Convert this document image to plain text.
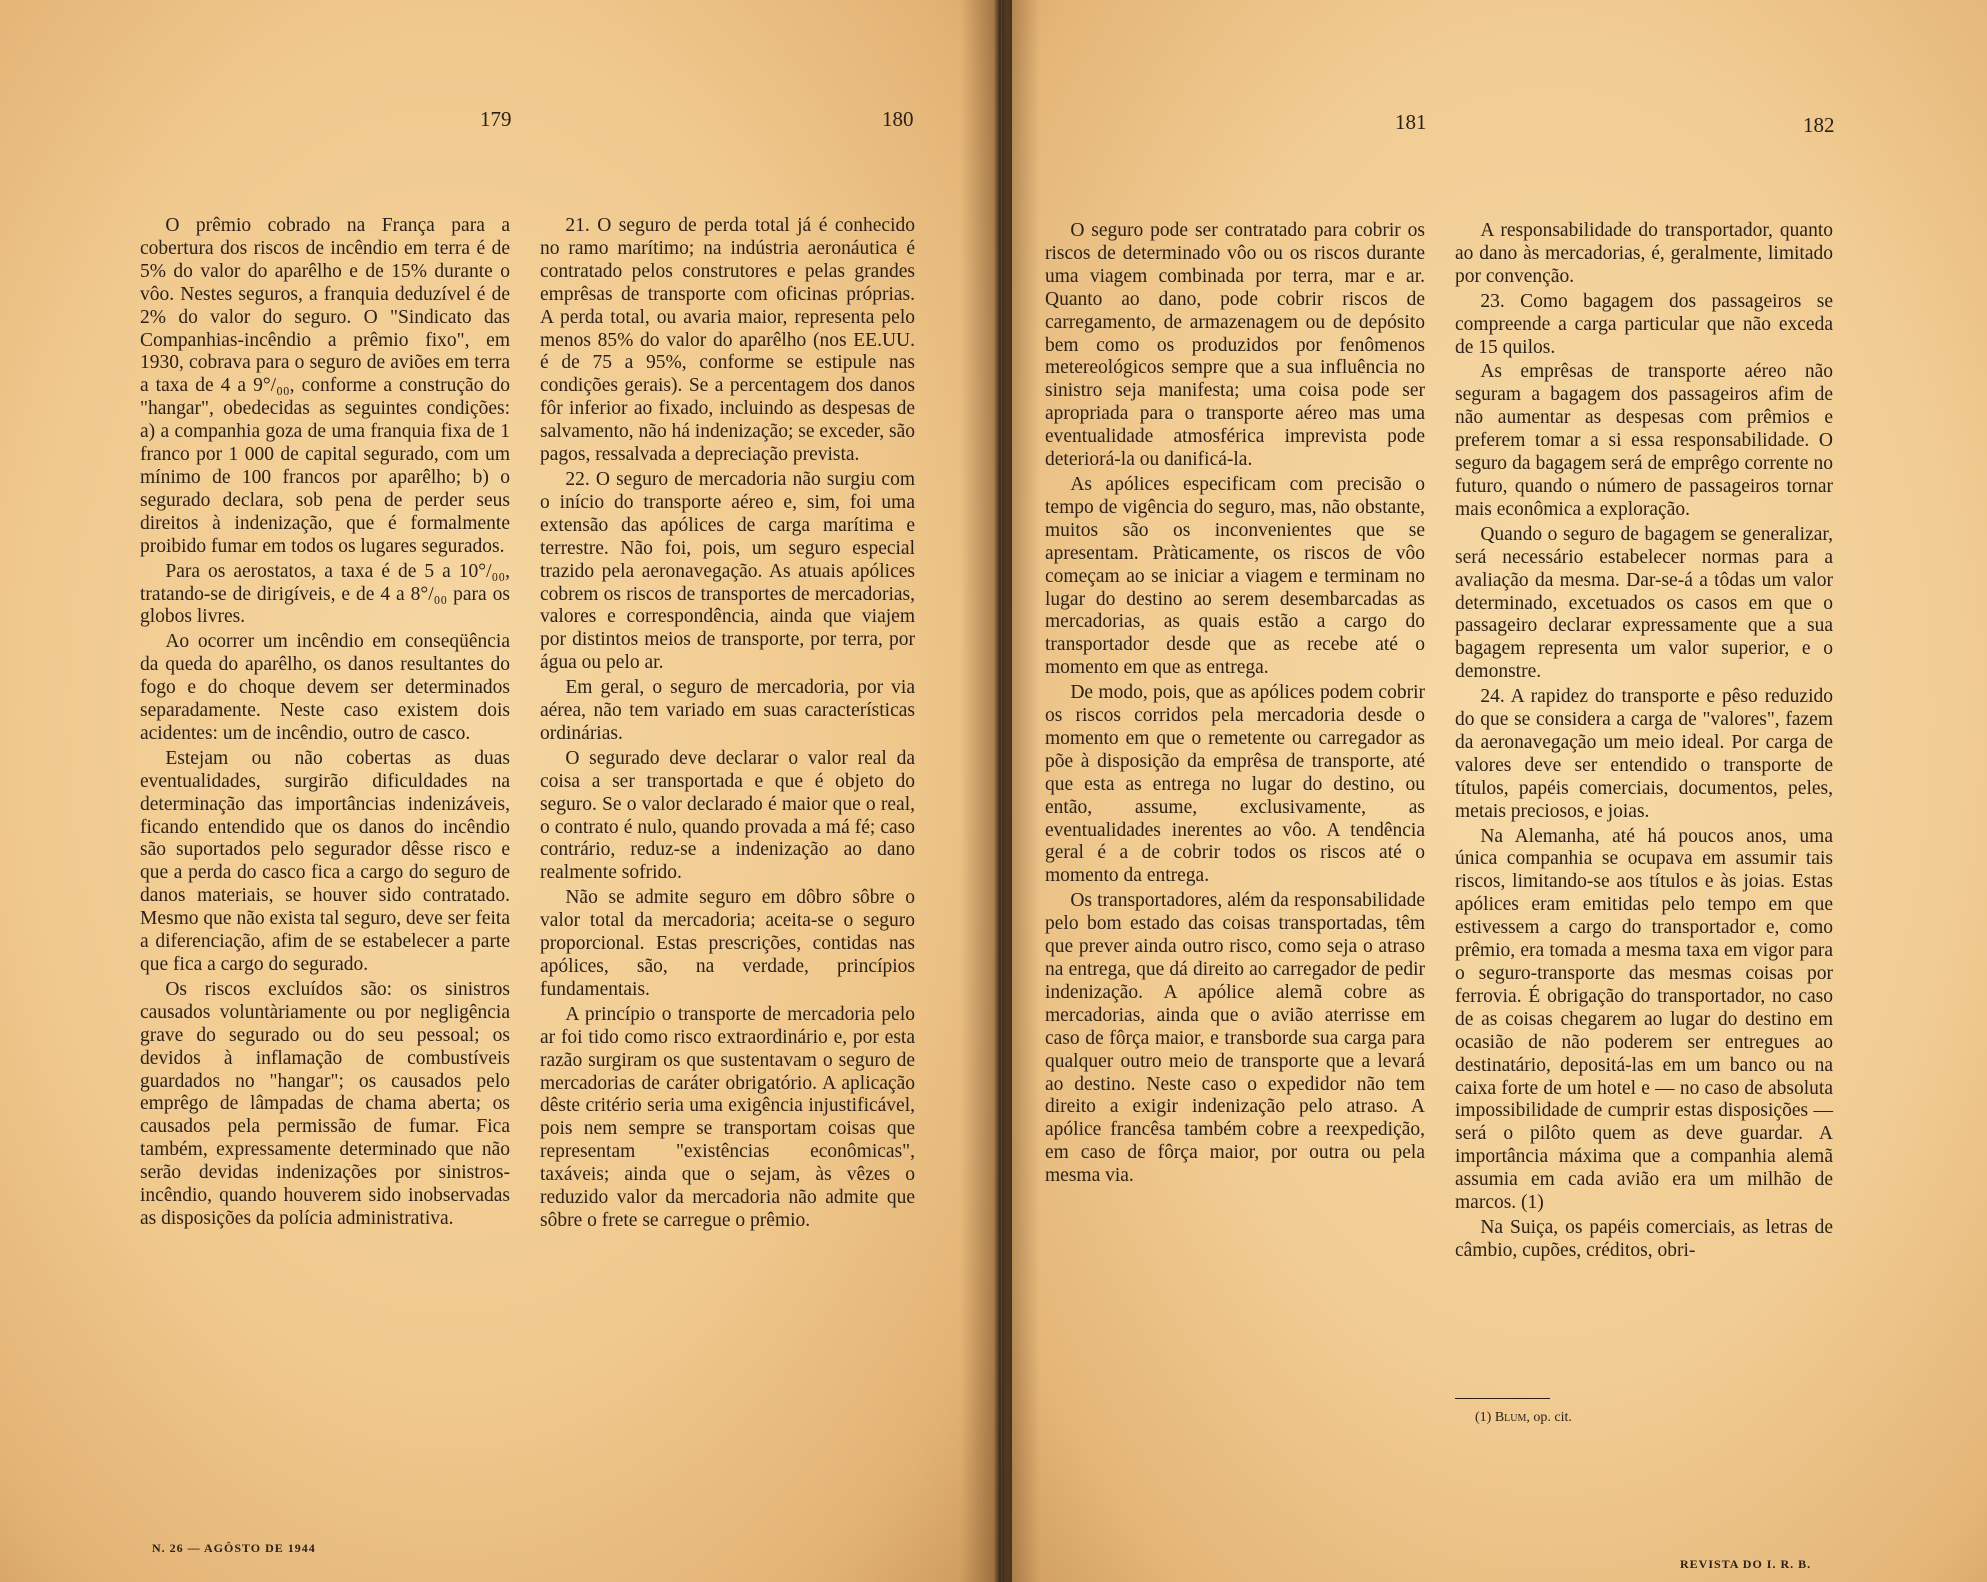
179	180	181	182

O prêmio cobrado na França para a cobertura dos riscos de incêndio em terra é de 5% do valor do aparêlho e de 15% durante o vôo. Nestes seguros, a franquia deduzível é de 2% do valor do seguro. O "Sindicato das Companhias-incêndio a prêmio fixo", em 1930, cobrava para o seguro de aviões em terra a taxa de 4 a 9°/₀₀, conforme a construção do "hangar", obedecidas as seguintes condições: a) a companhia goza de uma franquia fixa de 1 franco por 1 000 de capital segurado, com um mínimo de 100 francos por aparêlho; b) o segurado declara, sob pena de perder seus direitos à indenização, que é formalmente proibido fumar em todos os lugares segurados.

Para os aerostatos, a taxa é de 5 a 10°/₀₀, tratando-se de dirigíveis, e de 4 a 8°/₀₀ para os globos livres.

Ao ocorrer um incêndio em conseqüência da queda do aparêlho, os danos resultantes do fogo e do choque devem ser determinados separadamente. Neste caso existem dois acidentes: um de incêndio, outro de casco.

Estejam ou não cobertas as duas eventualidades, surgirão dificuldades na determinação das importâncias indenizáveis, ficando entendido que os danos do incêndio são suportados pelo segurador dêsse risco e que a perda do casco fica a cargo do seguro de danos materiais, se houver sido contratado. Mesmo que não exista tal seguro, deve ser feita a diferenciação, afim de se estabelecer a parte que fica a cargo do segurado.

Os riscos excluídos são: os sinistros causados voluntàriamente ou por negligência grave do segurado ou do seu pessoal; os devidos à inflamação de combustíveis guardados no "hangar"; os causados pelo emprêgo de lâmpadas de chama aberta; os causados pela permissão de fumar. Fica também, expressamente determinado que não serão devidas indenizações por sinistros-incêndio, quando houverem sido inobservadas as disposições da polícia administrativa.

21. O seguro de perda total já é conhecido no ramo marítimo; na indústria aeronáutica é contratado pelos construtores e pelas grandes emprêsas de transporte com oficinas próprias. A perda total, ou avaria maior, representa pelo menos 85% do valor do aparêlho (nos EE.UU. é de 75 a 95%, conforme se estipule nas condições gerais). Se a percentagem dos danos fôr inferior ao fixado, incluindo as despesas de salvamento, não há indenização; se exceder, são pagos, ressalvada a depreciação prevista.

22. O seguro de mercadoria não surgiu com o início do transporte aéreo e, sim, foi uma extensão das apólices de carga marítima e terrestre. Não foi, pois, um seguro especial trazido pela aeronavegação. As atuais apólices cobrem os riscos de transportes de mercadorias, valores e correspondência, ainda que viajem por distintos meios de transporte, por terra, por água ou pelo ar.

Em geral, o seguro de mercadoria, por via aérea, não tem variado em suas características ordinárias.

O segurado deve declarar o valor real da coisa a ser transportada e que é objeto do seguro. Se o valor declarado é maior que o real, o contrato é nulo, quando provada a má fé; caso contrário, reduz-se a indenização ao dano realmente sofrido.

Não se admite seguro em dôbro sôbre o valor total da mercadoria; aceita-se o seguro proporcional. Estas prescrições, contidas nas apólices, são, na verdade, princípios fundamentais.

A princípio o transporte de mercadoria pelo ar foi tido como risco extraordinário e, por esta razão surgiram os que sustentavam o seguro de mercadorias de caráter obrigatório. A aplicação dêste critério seria uma exigência injustificável, pois nem sempre se transportam coisas que representam "existências econômicas", taxáveis; ainda que o sejam, às vêzes o reduzido valor da mercadoria não admite que sôbre o frete se carregue o prêmio.

O seguro pode ser contratado para cobrir os riscos de determinado vôo ou os riscos durante uma viagem combinada por terra, mar e ar. Quanto ao dano, pode cobrir riscos de carregamento, de armazenagem ou de depósito bem como os produzidos por fenômenos metereológicos sempre que a sua influência no sinistro seja manifesta; uma coisa pode ser apropriada para o transporte aéreo mas uma eventualidade atmosférica imprevista pode deteriorá-la ou danificá-la.

As apólices especificam com precisão o tempo de vigência do seguro, mas, não obstante, muitos são os inconvenientes que se apresentam. Pràticamente, os riscos de vôo começam ao se iniciar a viagem e terminam no lugar do destino ao serem desembarcadas as mercadorias, as quais estão a cargo do transportador desde que as recebe até o momento em que as entrega.

De modo, pois, que as apólices podem cobrir os riscos corridos pela mercadoria desde o momento em que o remetente ou carregador as põe à disposição da emprêsa de transporte, até que esta as entrega no lugar do destino, ou então, assume, exclusivamente, as eventualidades inerentes ao vôo. A tendência geral é a de cobrir todos os riscos até o momento da entrega.

Os transportadores, além da responsabilidade pelo bom estado das coisas transportadas, têm que prever ainda outro risco, como seja o atraso na entrega, que dá direito ao carregador de pedir indenização. A apólice alemã cobre as mercadorias, ainda que o avião aterrisse em caso de fôrça maior, e transborde sua carga para qualquer outro meio de transporte que a levará ao destino. Neste caso o expedidor não tem direito a exigir indenização pelo atraso. A apólice francêsa também cobre a reexpedição, em caso de fôrça maior, por outra ou pela mesma via.

A responsabilidade do transportador, quanto ao dano às mercadorias, é, geralmente, limitado por convenção.

23. Como bagagem dos passageiros se compreende a carga particular que não exceda de 15 quilos.

As emprêsas de transporte aéreo não seguram a bagagem dos passageiros afim de não aumentar as despesas com prêmios e preferem tomar a si essa responsabilidade. O seguro da bagagem será de emprêgo corrente no futuro, quando o número de passageiros tornar mais econômica a exploração.

Quando o seguro de bagagem se generalizar, será necessário estabelecer normas para a avaliação da mesma. Dar-se-á a tôdas um valor determinado, excetuados os casos em que o passageiro declarar expressamente que a sua bagagem representa um valor superior, e o demonstre.

24. A rapidez do transporte e pêso reduzido do que se considera a carga de "valores", fazem da aeronavegação um meio ideal. Por carga de valores deve ser entendido o transporte de títulos, papéis comerciais, documentos, peles, metais preciosos, e joias.

Na Alemanha, até há poucos anos, uma única companhia se ocupava em assumir tais riscos, limitando-se aos títulos e às joias. Estas apólices eram emitidas pelo tempo em que estivessem a cargo do transportador e, como prêmio, era tomada a mesma taxa em vigor para o seguro-transporte das mesmas coisas por ferrovia. É obrigação do transportador, no caso de as coisas chegarem ao lugar do destino em ocasião de não poderem ser entregues ao destinatário, depositá-las em um banco ou na caixa forte de um hotel e — no caso de absoluta impossibilidade de cumprir estas disposições — será o pilôto quem as deve guardar. A importância máxima que a companhia alemã assumia em cada avião era um milhão de marcos. (1)

Na Suiça, os papéis comerciais, as letras de câmbio, cupões, créditos, obri-

(1) Blum, op. cit.
N. 26 — AGÔSTO DE 1944
REVISTA DO I. R. B.
